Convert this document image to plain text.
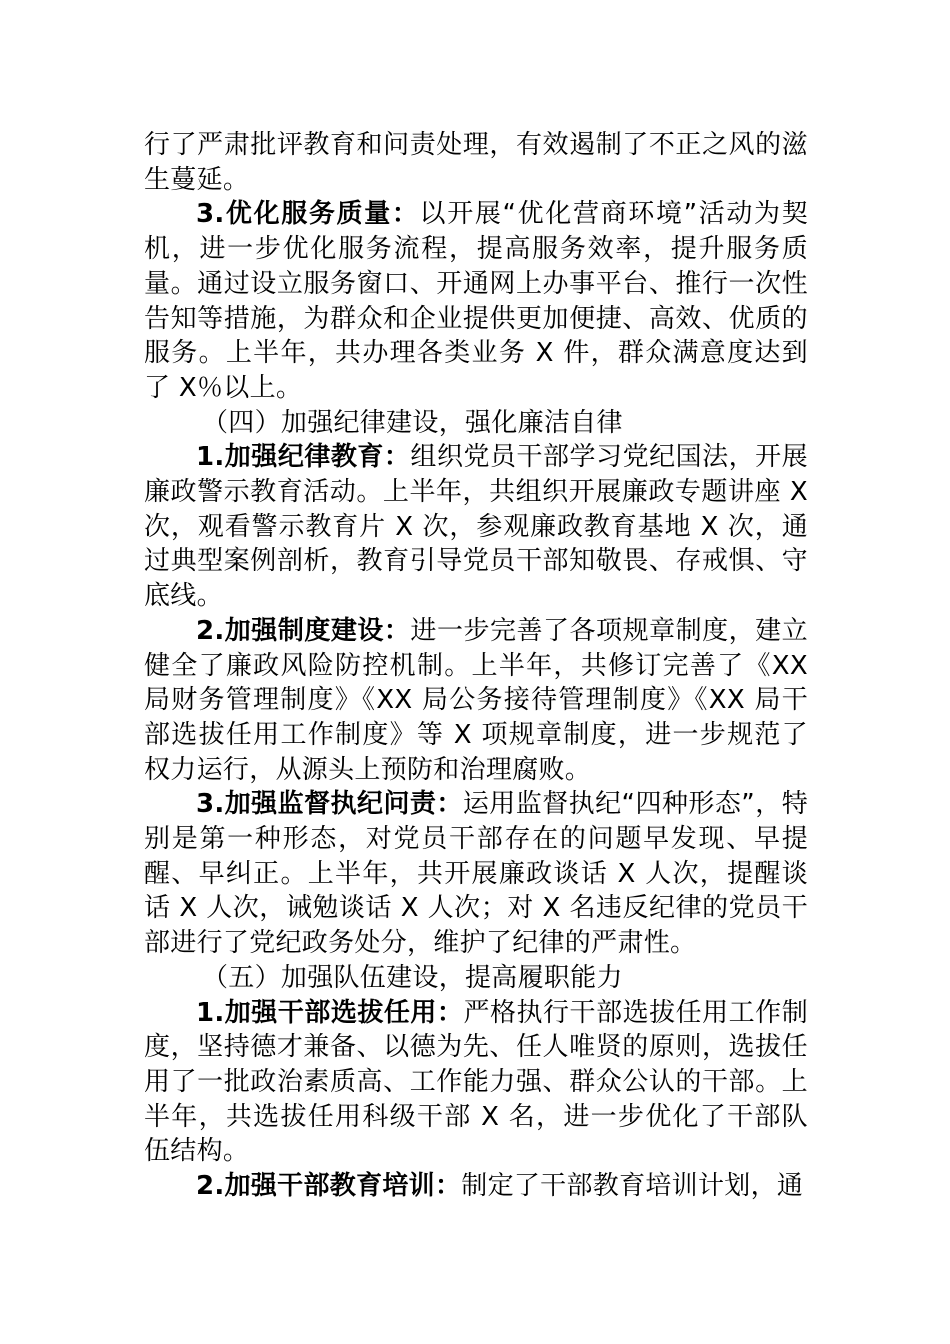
行了严肃批评教育和问责处理，有效遏制了不正之风的滋生蔓延。

3.优化服务质量：以开展“优化营商环境”活动为契机，进一步优化服务流程，提高服务效率，提升服务质量。通过设立服务窗口、开通网上办事平台、推行一次性告知等措施，为群众和企业提供更加便捷、高效、优质的服务。上半年，共办理各类业务 X 件，群众满意度达到了 X％以上。

（四）加强纪律建设，强化廉洁自律

1.加强纪律教育：组织党员干部学习党纪国法，开展廉政警示教育活动。上半年，共组织开展廉政专题讲座 X 次，观看警示教育片 X 次，参观廉政教育基地 X 次，通过典型案例剖析，教育引导党员干部知敬畏、存戒惧、守底线。

2.加强制度建设：进一步完善了各项规章制度，建立健全了廉政风险防控机制。上半年，共修订完善了《XX 局财务管理制度》《XX 局公务接待管理制度》《XX 局干部选拔任用工作制度》等 X 项规章制度，进一步规范了权力运行，从源头上预防和治理腐败。

3.加强监督执纪问责：运用监督执纪“四种形态”，特别是第一种形态，对党员干部存在的问题早发现、早提醒、早纠正。上半年，共开展廉政谈话 X 人次，提醒谈话 X 人次，诫勉谈话 X 人次；对 X 名违反纪律的党员干部进行了党纪政务处分，维护了纪律的严肃性。

（五）加强队伍建设，提高履职能力

1.加强干部选拔任用：严格执行干部选拔任用工作制度，坚持德才兼备、以德为先、任人唯贤的原则，选拔任用了一批政治素质高、工作能力强、群众公认的干部。上半年，共选拔任用科级干部 X 名，进一步优化了干部队伍结构。

2.加强干部教育培训：制定了干部教育培训计划，通
